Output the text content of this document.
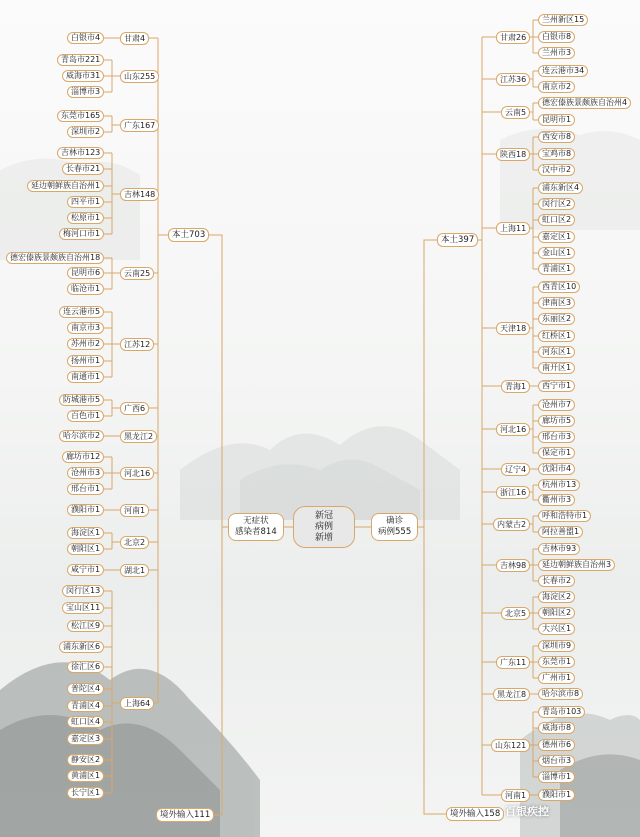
甘肃4
白银市4
山东255
青岛市221
威海市31
淄博市3
广东167
东莞市165
深圳市2
吉林148
吉林市123
长春市21
延边朝鲜族自治州1
四平市1
松原市1
梅河口市1
云南25
德宏傣族景颇族自治州18
昆明市6
临沧市1
江苏12
连云港市5
南京市3
苏州市2
扬州市1
南通市1
广西6
防城港市5
百色市1
黑龙江2
哈尔滨市2
河北16
廊坊市12
沧州市3
邢台市1
河南1
濮阳市1
北京2
海淀区1
朝阳区1
湖北1
咸宁市1
上海64
闵行区13
宝山区11
松江区9
浦东新区6
徐汇区6
普陀区4
青浦区4
虹口区4
嘉定区3
静安区2
黄浦区1
长宁区1
本土703
境外输入111
无症状
感染者814
甘肃26
兰州新区15
白银市8
兰州市3
江苏36
连云港市34
南京市2
云南5
德宏傣族景颇族自治州4
昆明市1
陕西18
西安市8
宝鸡市8
汉中市2
上海11
浦东新区4
闵行区2
虹口区2
嘉定区1
金山区1
青浦区1
天津18
西青区10
津南区3
东丽区2
红桥区1
河东区1
南开区1
青海1	西宁市1
河北16
沧州市7
廊坊市5
邢台市3
保定市1
辽宁4	沈阳市4
浙江16
杭州市13
衢州市3
内蒙古2
呼和浩特市1
阿拉善盟1
吉林98
吉林市93
延边朝鲜族自治州3
长春市2
北京5
海淀区2
朝阳区2
大兴区1
广东11
深圳市9
东莞市1
广州市1
黑龙江8	哈尔滨市8
山东121
青岛市103
威海市8
德州市6
烟台市3
淄博市1
河南1	濮阳市1
本土397
境外输入158
确诊
病例555
新冠
病例
新增
百银疾控
